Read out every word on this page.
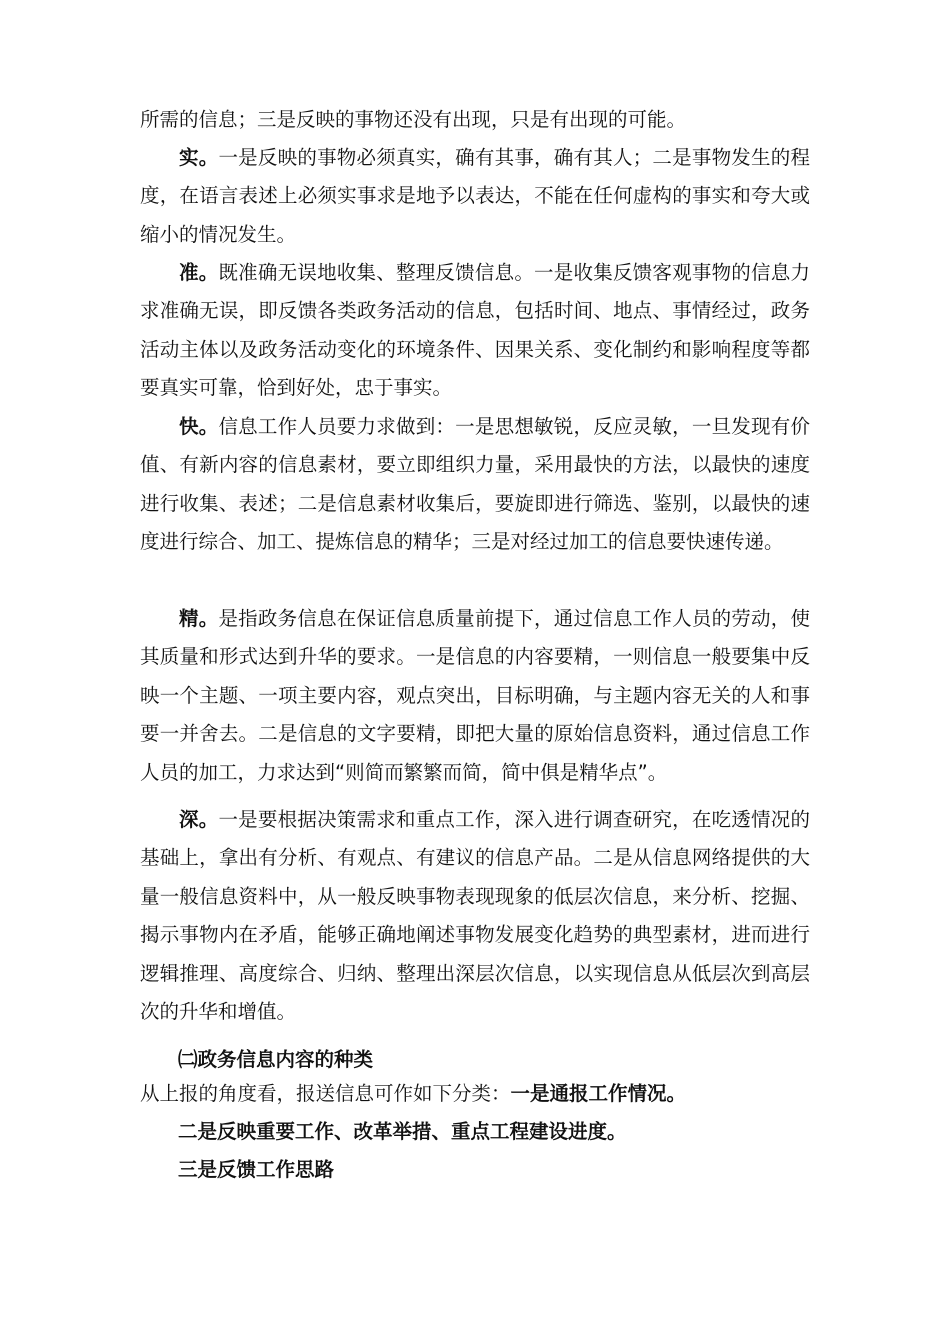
所需的信息；三是反映的事物还没有出现，只是有出现的可能。

实。一是反映的事物必须真实，确有其事，确有其人；二是事物发生的程度，在语言表述上必须实事求是地予以表达，不能在任何虚构的事实和夸大或缩小的情况发生。

准。既准确无误地收集、整理反馈信息。一是收集反馈客观事物的信息力求准确无误，即反馈各类政务活动的信息，包括时间、地点、事情经过，政务活动主体以及政务活动变化的环境条件、因果关系、变化制约和影响程度等都要真实可靠，恰到好处，忠于事实。

快。信息工作人员要力求做到：一是思想敏锐，反应灵敏，一旦发现有价值、有新内容的信息素材，要立即组织力量，采用最快的方法，以最快的速度进行收集、表述；二是信息素材收集后，要旋即进行筛选、鉴别，以最快的速度进行综合、加工、提炼信息的精华；三是对经过加工的信息要快速传递。

精。是指政务信息在保证信息质量前提下，通过信息工作人员的劳动，使其质量和形式达到升华的要求。一是信息的内容要精，一则信息一般要集中反映一个主题、一项主要内容，观点突出，目标明确，与主题内容无关的人和事要一并舍去。二是信息的文字要精，即把大量的原始信息资料，通过信息工作人员的加工，力求达到“则简而繁繁而简，简中俱是精华点”。

深。一是要根据决策需求和重点工作，深入进行调查研究，在吃透情况的基础上，拿出有分析、有观点、有建议的信息产品。二是从信息网络提供的大量一般信息资料中，从一般反映事物表现现象的低层次信息，来分析、挖掘、揭示事物内在矛盾，能够正确地阐述事物发展变化趋势的典型素材，进而进行逻辑推理、高度综合、归纳、整理出深层次信息，以实现信息从低层次到高层次的升华和增值。

㈡政务信息内容的种类
从上报的角度看，报送信息可作如下分类：一是通报工作情况。
二是反映重要工作、改革举措、重点工程建设进度。
三是反馈工作思路
